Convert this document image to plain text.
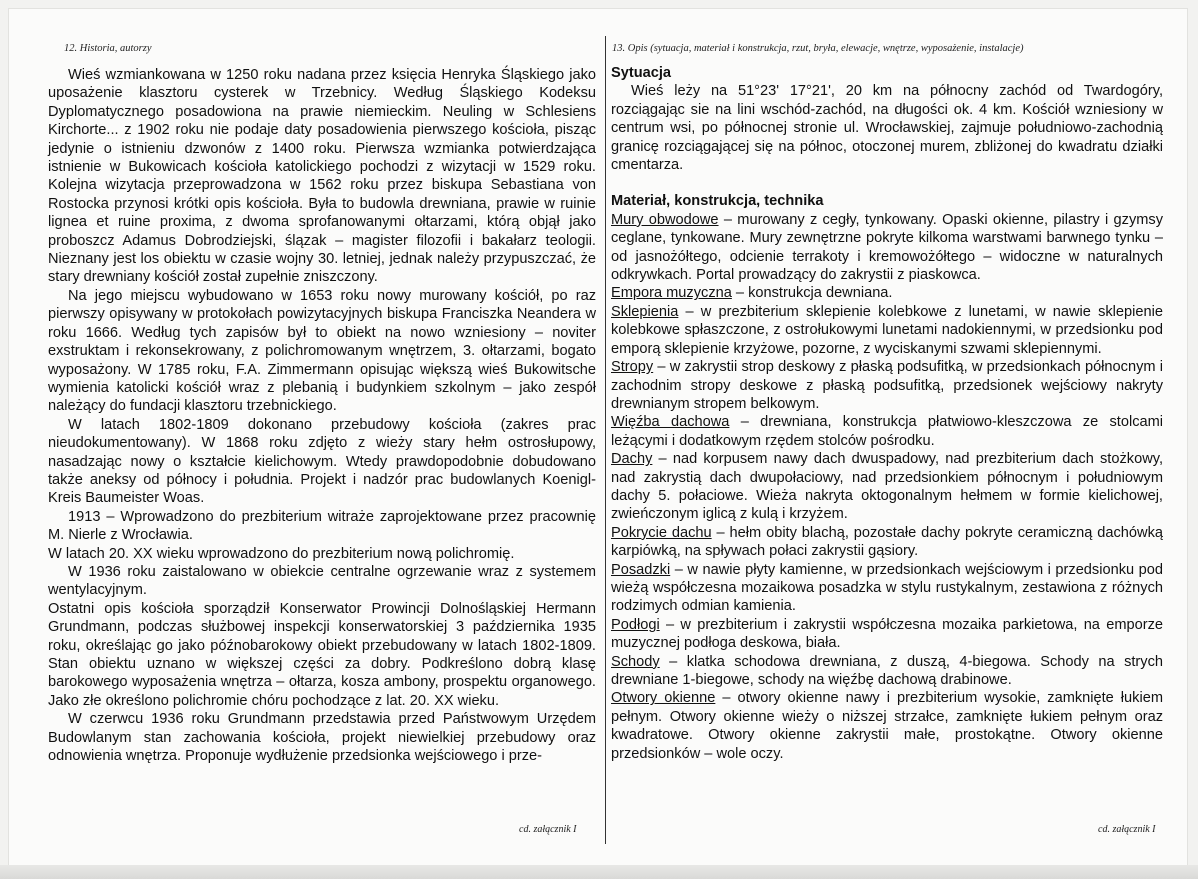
12. Historia, autorzy	13. Opis (sytuacja, materiał i konstrukcja, rzut, bryła, elewacje, wnętrze, wyposażenie, instalacje)

Wieś wzmiankowana w 1250 roku nadana przez księcia Henryka Śląskiego jako uposażenie klasztoru cysterek w Trzebnicy. Według Śląskiego Kodeksu Dyplomatycznego posadowiona na prawie niemieckim. Neuling w Schlesiens Kirchorte... z 1902 roku nie podaje daty posadowienia pierwszego kościoła, pisząc jedynie o istnieniu dzwonów z 1400 roku. Pierwsza wzmianka potwierdzająca istnienie w Bukowicach kościoła katolickiego pochodzi z wizytacji w 1529 roku. Kolejna wizytacja przeprowadzona w 1562 roku przez biskupa Sebastiana von Rostocka przynosi krótki opis kościoła. Była to budowla drewniana, prawie w ruinie lignea et ruine proxima, z dwoma sprofanowanymi ołtarzami, którą objął jako proboszcz Adamus Dobrodziejski, ślązak – magister filozofii i bakałarz teologii. Nieznany jest los obiektu w czasie wojny 30. letniej, jednak należy przypuszczać, że stary drewniany kościół został zupełnie zniszczony.

Na jego miejscu wybudowano w 1653 roku nowy murowany kościół, po raz pierwszy opisywany w protokołach powizytacyjnych biskupa Franciszka Neandera w roku 1666. Według tych zapisów był to obiekt na nowo wzniesiony – noviter exstruktam i rekonsekrowany, z polichromowanym wnętrzem, 3. ołtarzami, bogato wyposażony. W 1785 roku, F.A. Zimmermann opisując większą wieś Bukowitsche wymienia katolicki kościół wraz z plebanią i budynkiem szkolnym – jako zespół należący do fundacji klasztoru trzebnickiego.

W latach 1802-1809 dokonano przebudowy kościoła (zakres prac nieudokumentowany). W 1868 roku zdjęto z wieży stary hełm ostrosłupowy, nasadzając nowy o kształcie kielichowym. Wtedy prawdopodobnie dobudowano także aneksy od północy i południa. Projekt i nadzór prac budowlanych Koenigl-Kreis Baumeister Woas.

1913 – Wprowadzono do prezbiterium witraże zaprojektowane przez pracownię M. Nierle z Wrocławia.

W latach 20. XX wieku wprowadzono do prezbiterium nową polichromię.

W 1936 roku zaistalowano w obiekcie centralne ogrzewanie wraz z systemem wentylacyjnym.

Ostatni opis kościoła sporządził Konserwator Prowincji Dolnośląskiej Hermann Grundmann, podczas służbowej inspekcji konserwatorskiej 3 października 1935 roku, określając go jako późnobarokowy obiekt przebudowany w latach 1802-1809. Stan obiektu uznano w większej części za dobry. Podkreślono dobrą klasę barokowego wyposażenia wnętrza – ołtarza, kosza ambony, prospektu organowego. Jako złe określono polichromie chóru pochodzące z lat. 20. XX wieku.

W czerwcu 1936 roku Grundmann przedstawia przed Państwowym Urzędem Budowlanym stan zachowania kościoła, projekt niewielkiej przebudowy oraz odnowienia wnętrza. Proponuje wydłużenie przedsionka wejściowego i prze-

Sytuacja

Wieś leży na 51°23' 17°21', 20 km na północny zachód od Twardogóry, rozciągając sie na lini wschód-zachód, na długości ok. 4 km. Kościół wzniesiony w centrum wsi, po północnej stronie ul. Wrocławskiej, zajmuje południowo-zachodnią granicę rozciągającej się na północ, otoczonej murem, zbliżonej do kwadratu działki cmentarza.

Materiał, konstrukcja, technika

Mury obwodowe – murowany z cegły, tynkowany. Opaski okienne, pilastry i gzymsy ceglane, tynkowane. Mury zewnętrzne pokryte kilkoma warstwami barwnego tynku – od jasnożółtego, odcienie terrakoty i kremowożółtego – widoczne w naturalnych odkrywkach. Portal prowadzący do zakrystii z piaskowca.

Empora muzyczna – konstrukcja dewniana.

Sklepienia – w prezbiterium sklepienie kolebkowe z lunetami, w nawie sklepienie kolebkowe spłaszczone, z ostrołukowymi lunetami nadokiennymi, w przedsionku pod emporą sklepienie krzyżowe, pozorne, z wyciskanymi szwami sklepiennymi.

Stropy – w zakrystii strop deskowy z płaską podsufitką, w przedsionkach północnym i zachodnim stropy deskowe z płaską podsufitką, przedsionek wejściowy nakryty drewnianym stropem belkowym.

Więźba dachowa – drewniana, konstrukcja płatwiowo-kleszczowa ze stolcami leżącymi i dodatkowym rzędem stolców pośrodku.

Dachy – nad korpusem nawy dach dwuspadowy, nad prezbiterium dach stożkowy, nad zakrystią dach dwupołaciowy, nad przedsionkiem północnym i południowym dachy 5. połaciowe. Wieża nakryta oktogonalnym hełmem w formie kielichowej, zwieńczonym iglicą z kulą i krzyżem.

Pokrycie dachu – hełm obity blachą, pozostałe dachy pokryte ceramiczną dachówką karpiówką, na spływach połaci zakrystii gąsiory.

Posadzki – w nawie płyty kamienne, w przedsionkach wejściowym i przedsionku pod wieżą współczesna mozaikowa posadzka w stylu rustykalnym, zestawiona z różnych rodzimych odmian kamienia.

Podłogi – w prezbiterium i zakrystii współczesna mozaika parkietowa, na emporze muzycznej podłoga deskowa, biała.

Schody – klatka schodowa drewniana, z duszą, 4-biegowa. Schody na strych drewniane 1-biegowe, schody na więźbę dachową drabinowe.

Otwory okienne – otwory okienne nawy i prezbiterium wysokie, zamknięte łukiem pełnym. Otwory okienne wieży o niższej strzałce, zamknięte łukiem pełnym oraz kwadratowe. Otwory okienne zakrystii małe, prostokątne. Otwory okienne przedsionków – wole oczy.

cd. załącznik I	cd. załącznik I
